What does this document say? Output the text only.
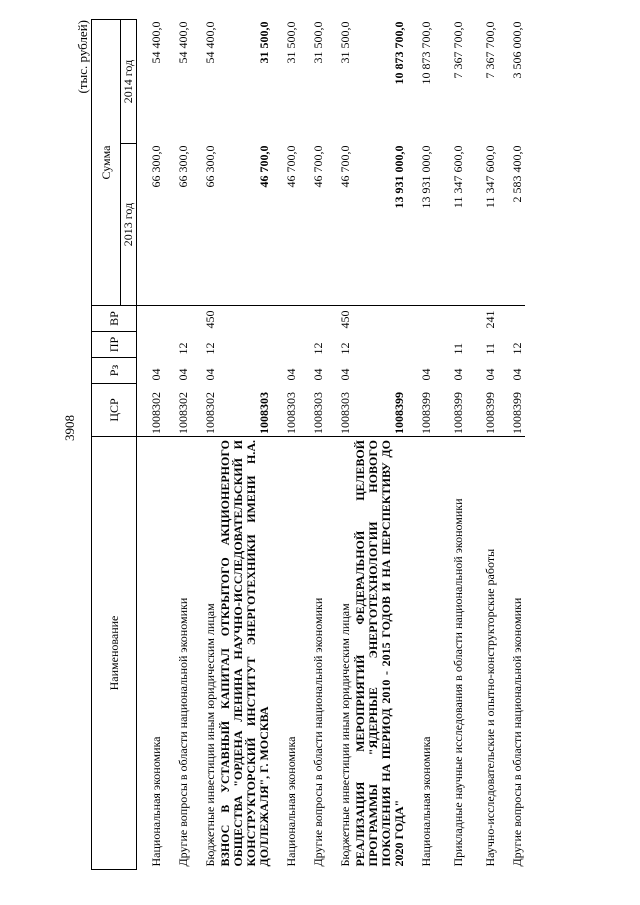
3908
(тыс. рублей)
Наименование	ЦСР	Рз	ПР	ВР	Сумма	
					2013 год	2014 год
Национальная экономика	1008302	04			66 300,0	54 400,0
Другие вопросы в области национальной экономики	1008302	04	12		66 300,0	54 400,0
Бюджетные инвестиции иным юридическим лицам	1008302	04	12	450	66 300,0	54 400,0
ВЗНОС В УСТАВНЫЙ КАПИТАЛ ОТКРЫТОГО АКЦИОНЕРНОГО ОБЩЕСТВА "ОРДЕНА ЛЕНИНА НАУЧНО-ИССЛЕДОВАТЕЛЬСКИЙ И КОНСТРУКТОРСКИЙ ИНСТИТУТ ЭНЕРГОТЕХНИКИ ИМЕНИ Н.А. ДОЛЛЕЖАЛЯ", Г. МОСКВА	1008303				46 700,0	31 500,0
Национальная экономика	1008303	04			46 700,0	31 500,0
Другие вопросы в области национальной экономики	1008303	04	12		46 700,0	31 500,0
Бюджетные инвестиции иным юридическим лицам	1008303	04	12	450	46 700,0	31 500,0
РЕАЛИЗАЦИЯ МЕРОПРИЯТИЙ ФЕДЕРАЛЬНОЙ ЦЕЛЕВОЙ ПРОГРАММЫ "ЯДЕРНЫЕ ЭНЕРГОТЕХНОЛОГИИ НОВОГО ПОКОЛЕНИЯ НА ПЕРИОД 2010 - 2015 ГОДОВ И НА ПЕРСПЕКТИВУ ДО 2020 ГОДА"	1008399				13 931 000,0	10 873 700,0
Национальная экономика	1008399	04			13 931 000,0	10 873 700,0
Прикладные научные исследования в области национальной экономики	1008399	04	11		11 347 600,0	7 367 700,0
Научно-исследовательские и опытно-конструкторские работы	1008399	04	11	241	11 347 600,0	7 367 700,0
Другие вопросы в области национальной экономики	1008399	04	12		2 583 400,0	3 506 000,0
